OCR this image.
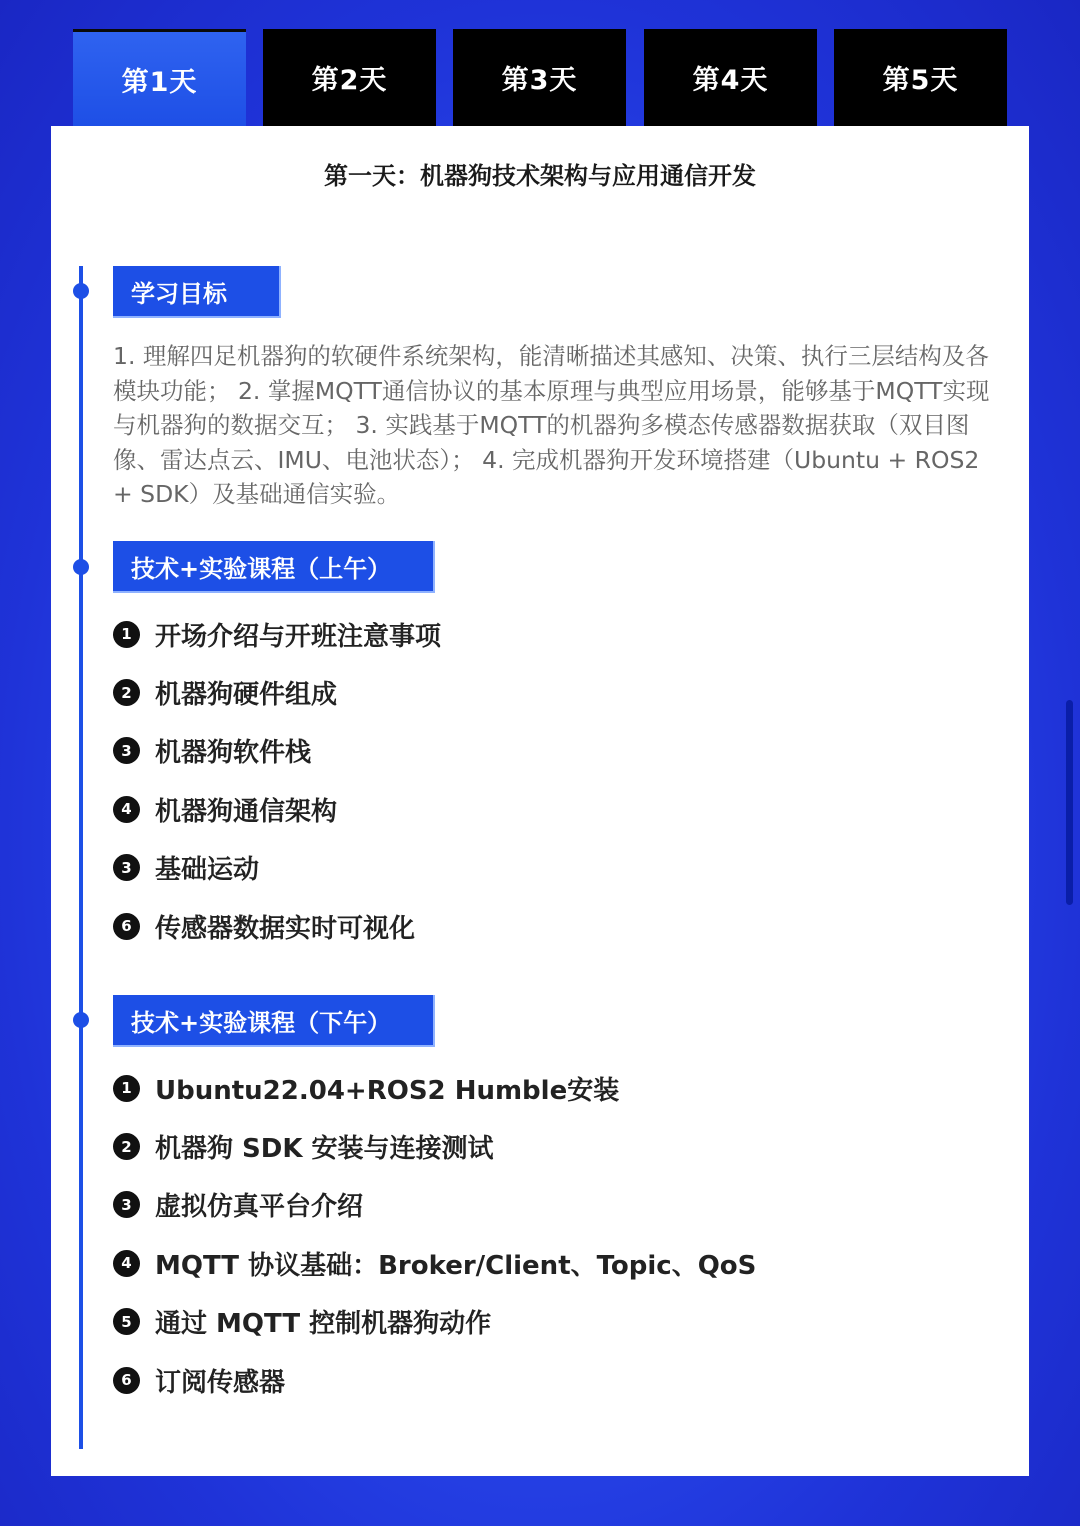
第1天	第2天	第3天	第4天	第5天
第一天：机器狗技术架构与应用通信开发
学习目标
1. 理解四足机器狗的软硬件系统架构，能清晰描述其感知、决策、执行三层结构及各模块功能； 2. 掌握MQTT通信协议的基本原理与典型应用场景，能够基于MQTT实现与机器狗的数据交互； 3. 实践基于MQTT的机器狗多模态传感器数据获取（双目图像、雷达点云、IMU、电池状态）； 4. 完成机器狗开发环境搭建（Ubuntu + ROS2 + SDK）及基础通信实验。
技术+实验课程（上午）
1 开场介绍与开班注意事项
2 机器狗硬件组成
3 机器狗软件栈
4 机器狗通信架构
3 基础运动
6 传感器数据实时可视化
技术+实验课程（下午）
1 Ubuntu22.04+ROS2 Humble安装
2 机器狗 SDK 安装与连接测试
3 虚拟仿真平台介绍
4 MQTT 协议基础：Broker/Client、Topic、QoS
5 通过 MQTT 控制机器狗动作
6 订阅传感器
